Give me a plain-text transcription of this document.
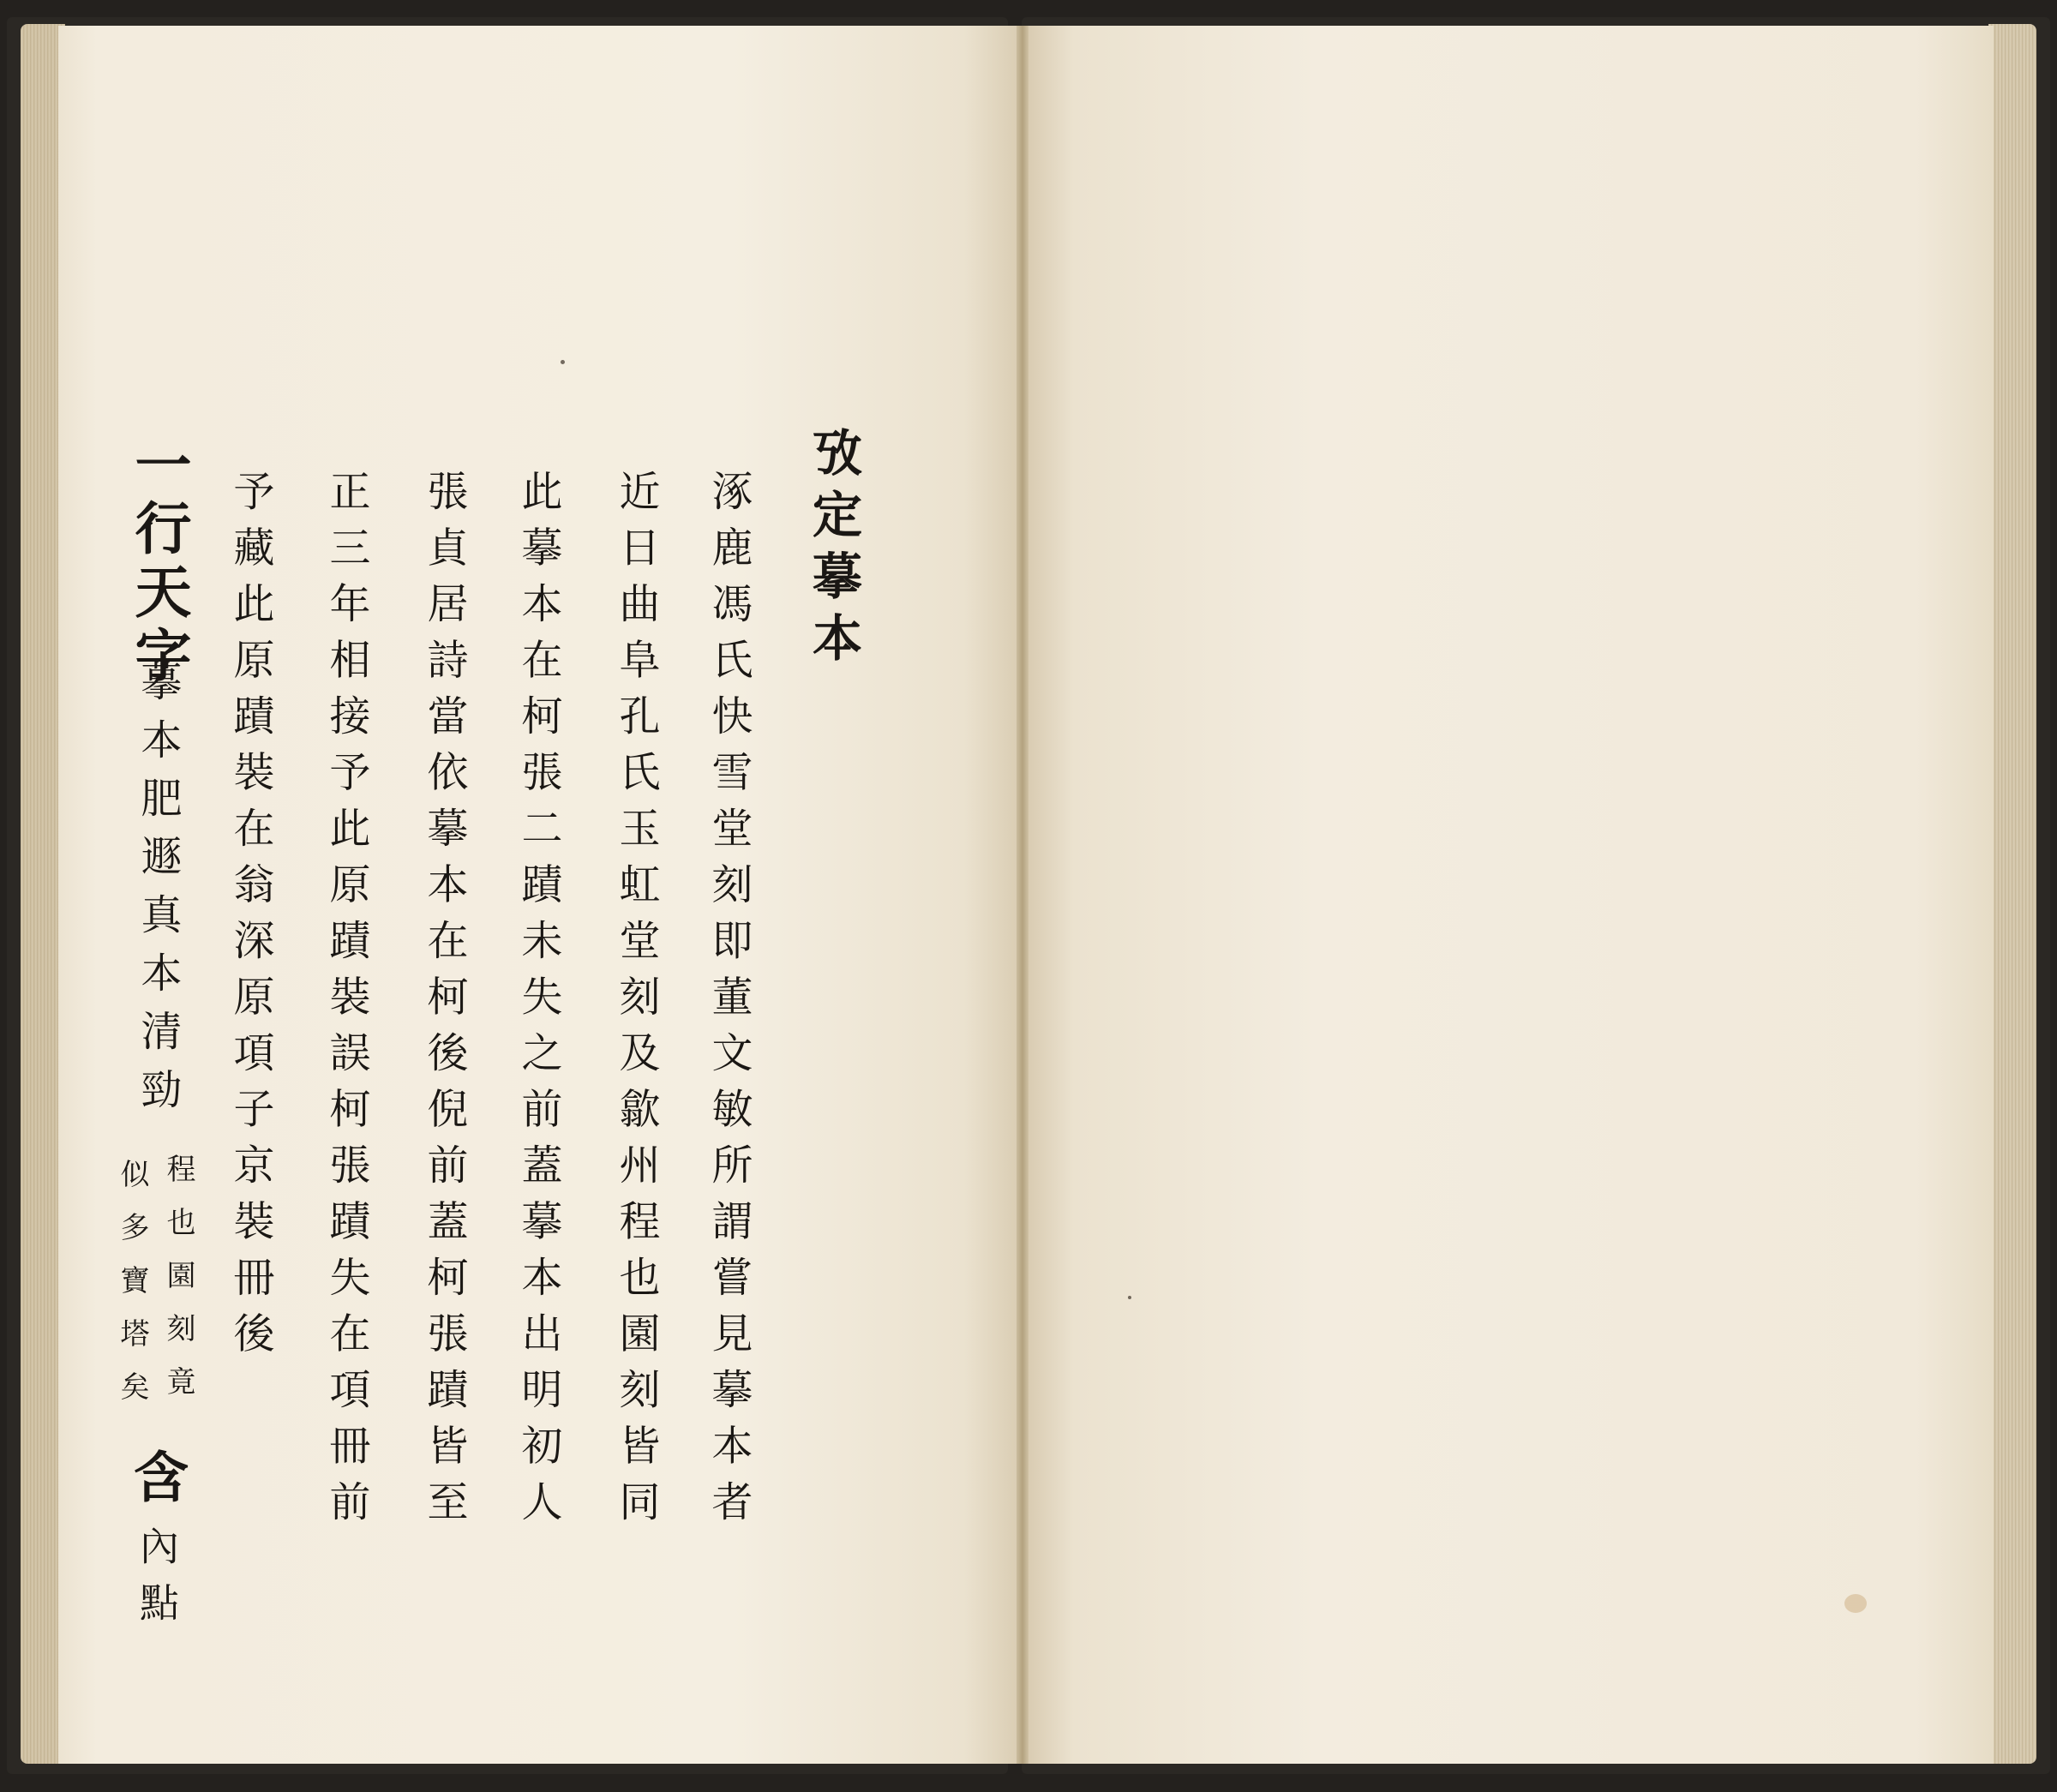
攷定摹本
涿鹿馮氏快雪堂刻即董文敏所謂嘗見摹本者
近日曲阜孔氏玉虹堂刻及歙州程也園刻皆同
此摹本在柯張二蹟未失之前蓋摹本出明初人
張貞居詩當依摹本在柯後倪前蓋柯張蹟皆至
正三年相接予此原蹟裝誤柯張蹟失在項冊前
予藏此原蹟裝在翁深原項子京裝冊後
一行天字
摹本肥遯真本清勁
程也園刻竟
似多寶塔矣
含
內點
